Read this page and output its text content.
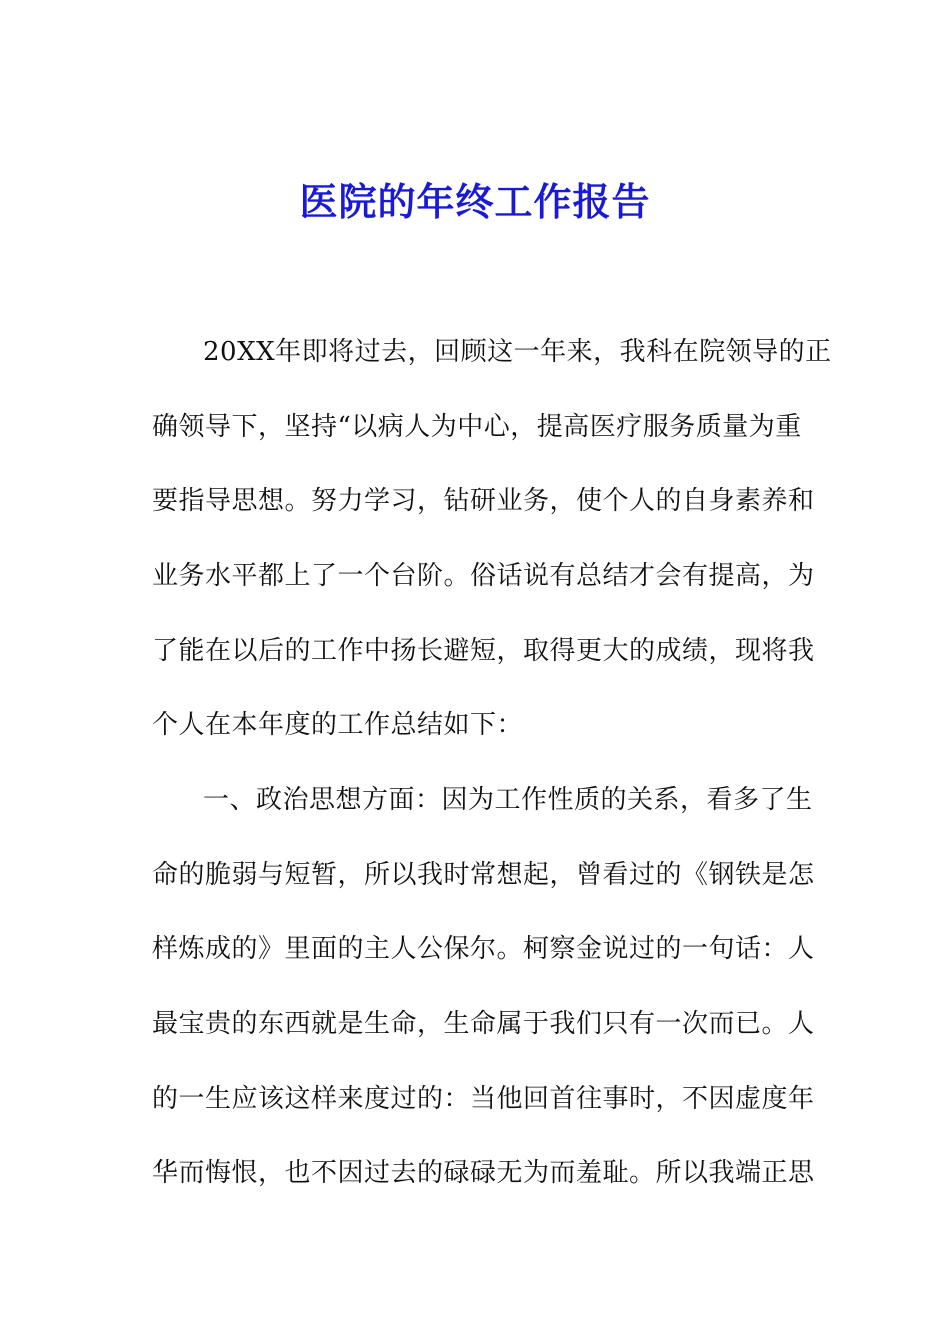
医院的年终工作报告
20XX年即将过去，回顾这一年来，我科在院领导的正
确领导下，坚持“以病人为中心，提高医疗服务质量为重
要指导思想。努力学习，钻研业务，使个人的自身素养和
业务水平都上了一个台阶。俗话说有总结才会有提高，为
了能在以后的工作中扬长避短，取得更大的成绩，现将我
个人在本年度的工作总结如下：
一、政治思想方面：因为工作性质的关系，看多了生
命的脆弱与短暂，所以我时常想起，曾看过的《钢铁是怎
样炼成的》里面的主人公保尔。柯察金说过的一句话：人
最宝贵的东西就是生命，生命属于我们只有一次而已。人
的一生应该这样来度过的：当他回首往事时，不因虚度年
华而悔恨，也不因过去的碌碌无为而羞耻。所以我端正思
